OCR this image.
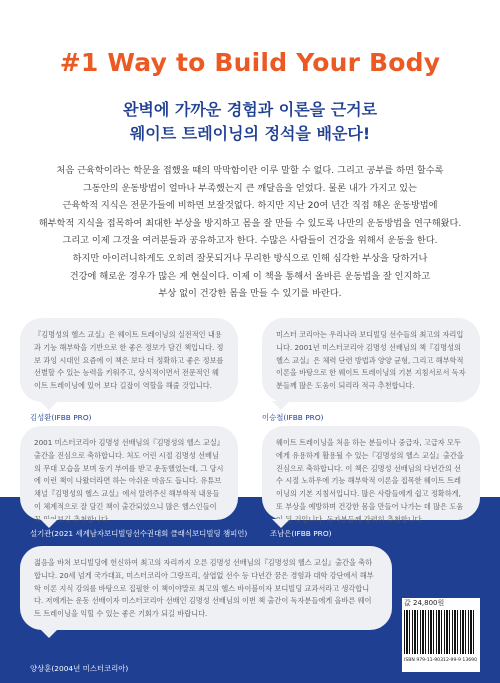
#1 Way to Build Your Body
완벽에 가까운 경험과 이론을 근거로
웨이트 트레이닝의 정석을 배운다!
처음 근육학이라는 학문을 접했을 때의 막막함이란 이루 말할 수 없다. 그리고 공부를 하면 할수록
그동안의 운동방법이 얼마나 부족했는지 큰 깨달음을 얻었다. 물론 내가 가지고 있는
근육학적 지식은 전문가들에 비하면 보잘것없다. 하지만 지난 20여 년간 직접 해온 운동방법에
해부학적 지식을 접목하여 최대한 부상을 방지하고 몸을 잘 만들 수 있도록 나만의 운동방법을 연구해왔다.
그리고 이제 그것을 여러분들과 공유하고자 한다. 수많은 사람들이 건강을 위해서 운동을 한다.
하지만 아이러니하게도 오히려 잘못되거나 무리한 방식으로 인해 심각한 부상을 당하거나
건강에 해로운 경우가 많은 게 현실이다. 이제 이 책을 통해서 올바른 운동법을 잘 인지하고
부상 없이 건강한 몸을 만들 수 있기를 바란다.
『김명성의 헬스 교실』은 웨이트 트레이닝의 실전적인 내용과 기능 해부학을 기반으로 한 좋은 정보가 담긴 책입니다. 정보 과잉 시대인 요즘에 이 책은 보다 더 정확하고 좋은 정보를 선별할 수 있는 능력을 키워주고, 상식적이면서 전문적인 웨이트 트레이닝에 있어 보다 길잡이 역할을 해줄 것입니다.
김성환(IFBB PRO)
미스터 코리아는 우리나라 보디빌딩 선수들의 최고의 자리입니다. 2001년 미스터코리아 김명성 선배님의 책『김명성의 헬스 교실』은 체력 단련 방법과 양양 균형, 그리고 해부학적 이론을 바탕으로 한 웨이트 트레이닝의 기본 지침서로서 독자분들께 많은 도움이 되리라 적극 추천합니다.
이승철(IFBB PRO)
2001 미스터코리아 김명성 선배님의『김명성의 헬스 교실』출간을 진심으로 축하합니다. 처도 어린 시절 김명성 선배님의 무대 모습을 보며 동기 부여를 받고 운동했었는데, 그 당시에 이런 책이 나왔더라면 하는 아쉬운 마음도 듭니다. 유튜브 채널『김명성의 헬스 교실』에서 알려주신 해부학적 내용들이 체계적으로 잘 담긴 책이 출간되었으니 많은 헬스인들이 꼭 읽어보길 추천합니다.
설기관(2021 세계남자보디빌딩선수권대회 클래식보디빌딩 챔피언)
웨이트 트레이닝을 처음 하는 분들이나 중급자, 고급자 모두에게 유용하게 활용될 수 있는『김명성의 헬스 교실』출간을 진심으로 축하합니다. 이 책은 김명성 선배님의 다년간의 선수 시절 노하우에 기능 해부학적 이론을 접목한 웨이트 트레이닝의 기본 지침서입니다. 많은 사람들에게 쉽고 정확하게, 또 부상을 예방하며 건강한 몸을 만들어 나가는 데 많은 도움이 될 것입니다. 독자분들께 강력히 추천합니다.
조남은(IFBB PRO)
젊음을 바쳐 보디빌딩에 헌신하여 최고의 자리까지 오른 김명성 선배님의『김명성의 헬스 교실』출간을 축하합니다. 20세 넘게 국가대표, 미스터코리아 그랑프리, 삼엽없 선수 등 다년간 꿈은 경험과 대학 강단에서 해부학 이론 지식 강의를 바탕으로 집필한 이 책이야말로 최고의 헬스 바이블이자 보디빌딩 교과서라고 생각합니다. 저에게는 운동 선배이자 미스터코리아 선배인 김명성 선배님의 이번 책 출간이 독자분들에게 올바른 웨이트 트레이닝을 익힐 수 있는 좋은 기회가 되길 바랍니다.
양상훈(2004년 미스터코리아)
값 24,800원
ISBN 979-11-90312-99-9 13690
